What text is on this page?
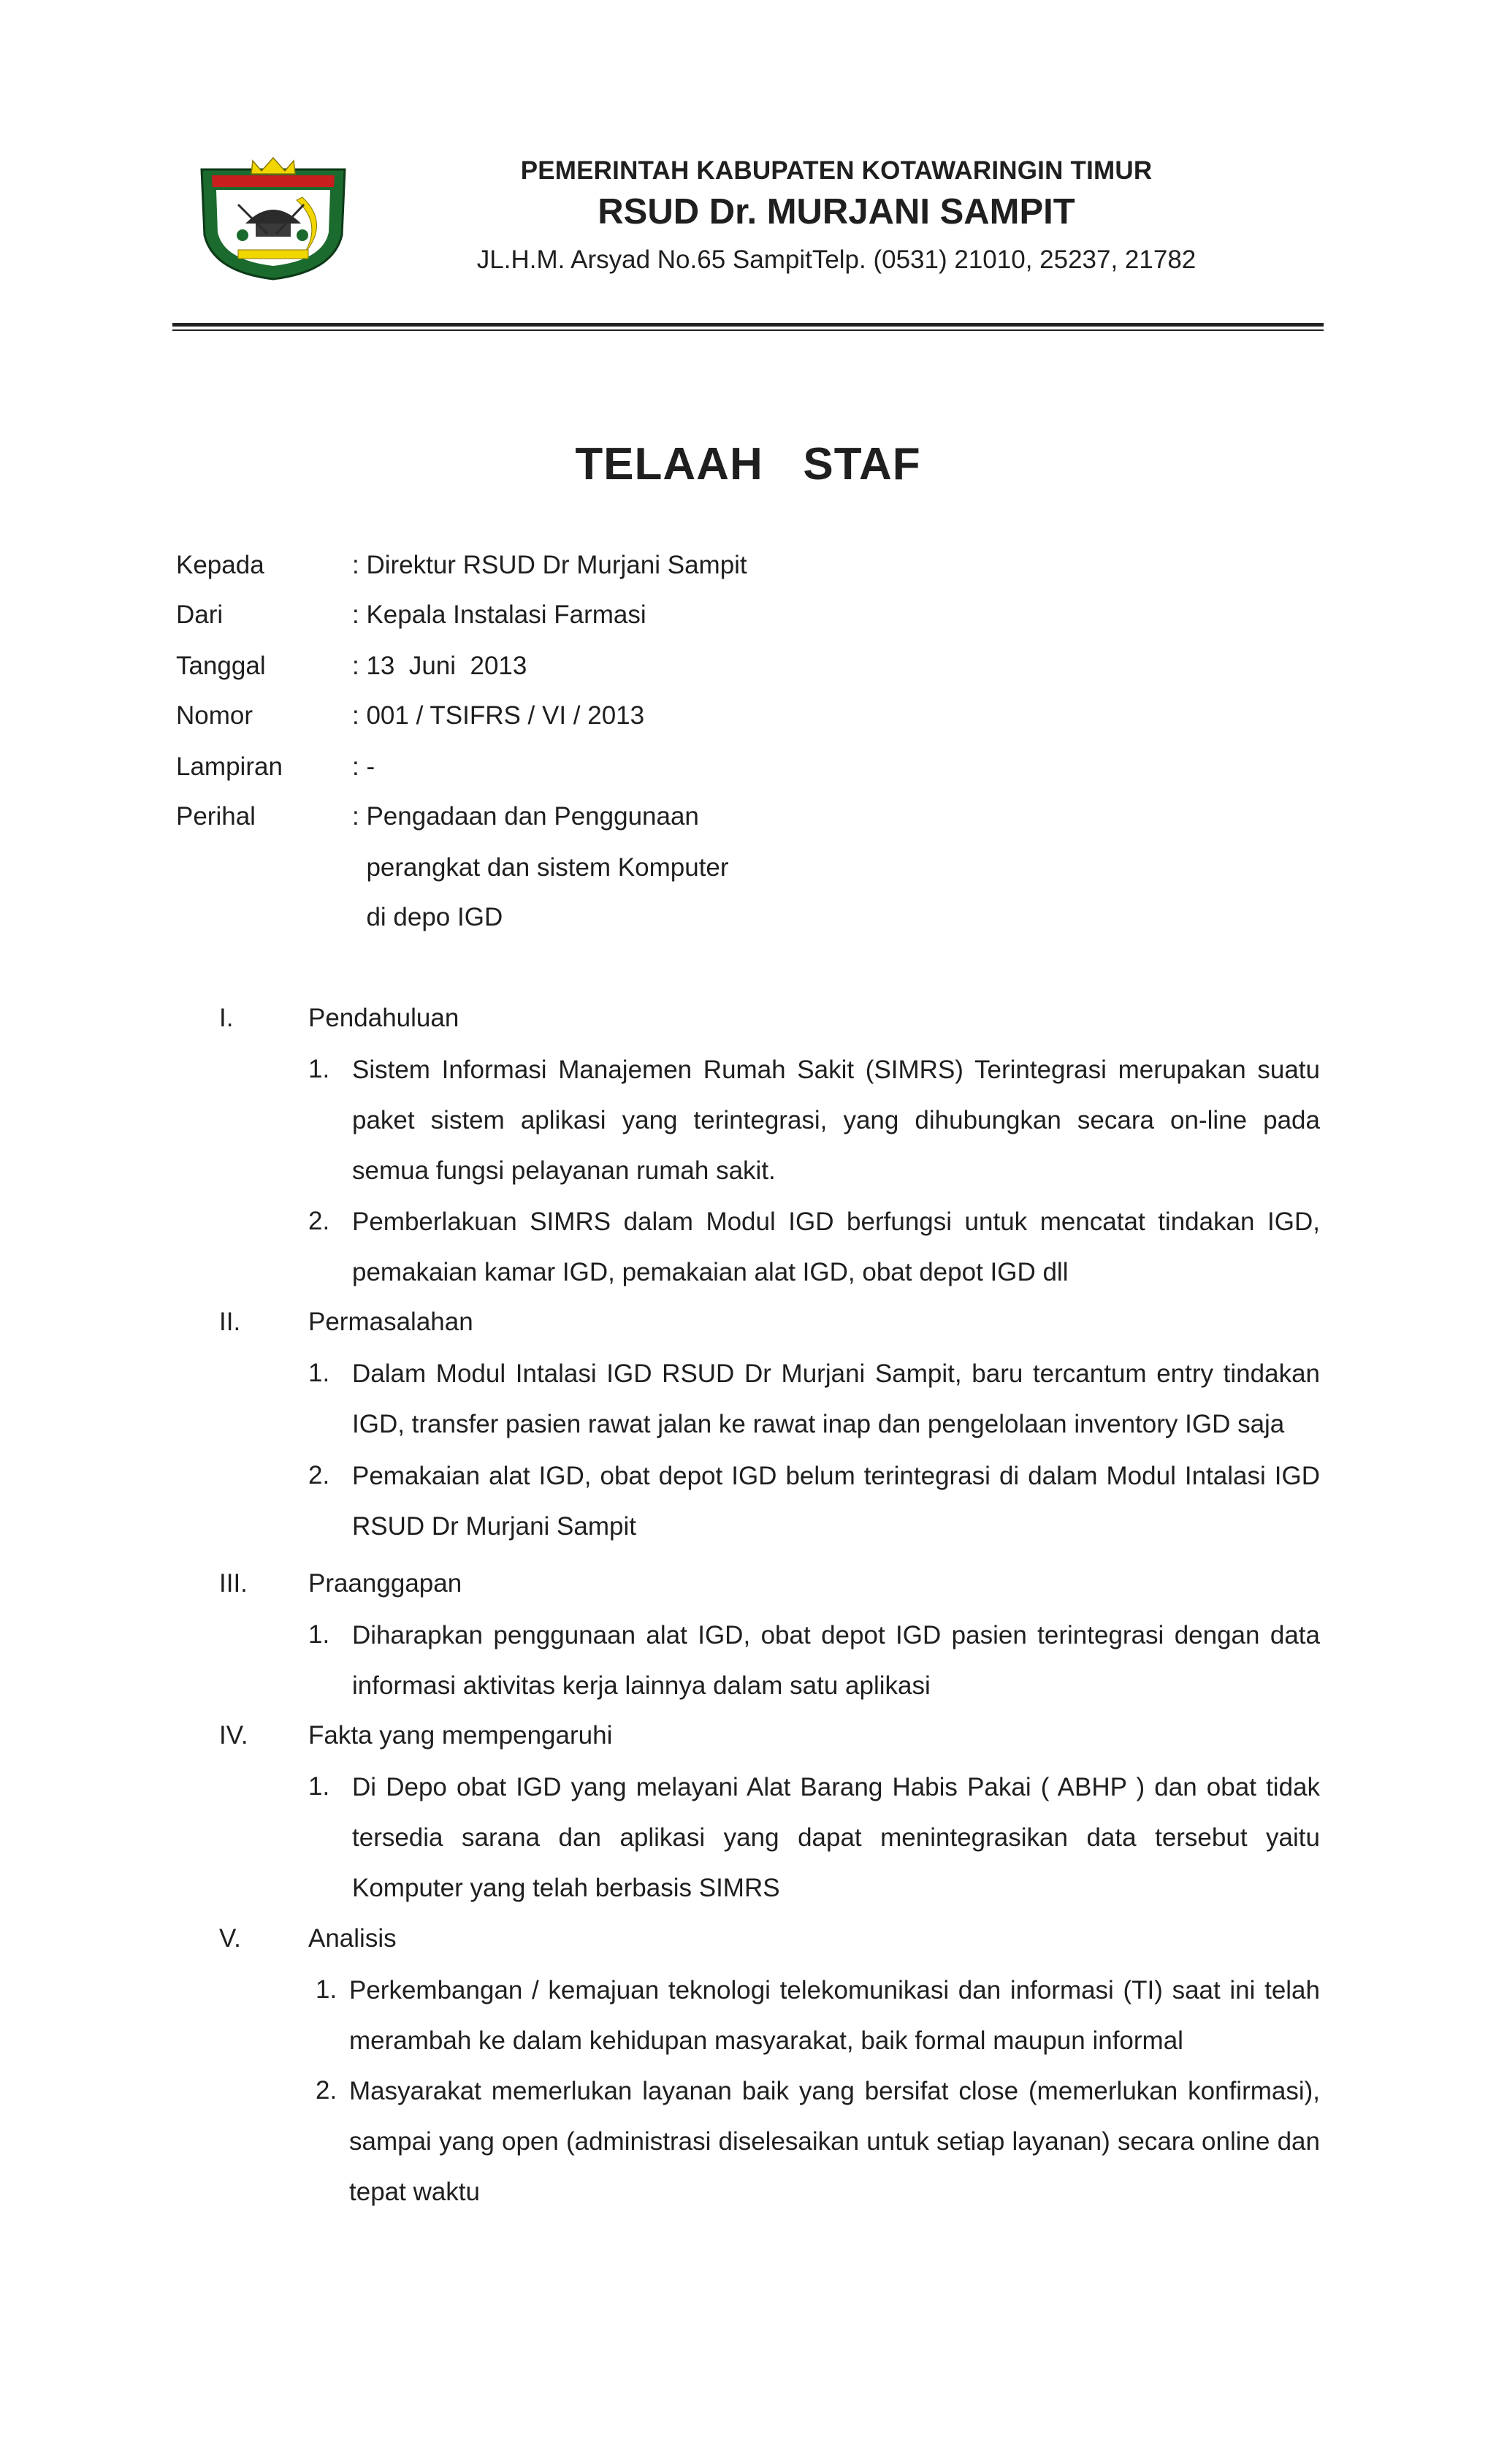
PEMERINTAH KABUPATEN KOTAWARINGIN TIMUR
RSUD Dr. MURJANI SAMPIT
JL.H.M. Arsyad No.65 SampitTelp. (0531) 21010, 25237, 21782
TELAAH   STAF
Kepada	: Direktur RSUD Dr Murjani Sampit
Dari	: Kepala Instalasi Farmasi
Tanggal	: 13  Juni  2013
Nomor	: 001 / TSIFRS / VI / 2013
Lampiran	: -
Perihal	: Pengadaan dan Penggunaan
perangkat dan sistem Komputer
di depo IGD
I.	Pendahuluan
1. Sistem Informasi Manajemen Rumah Sakit (SIMRS) Terintegrasi merupakan suatu paket sistem aplikasi yang terintegrasi, yang dihubungkan secara on-line pada semua fungsi pelayanan rumah sakit.
2. Pemberlakuan SIMRS dalam Modul IGD berfungsi untuk mencatat tindakan IGD, pemakaian kamar IGD, pemakaian alat IGD, obat depot IGD dll
II.	Permasalahan
1. Dalam Modul Intalasi IGD RSUD Dr Murjani Sampit, baru tercantum entry tindakan IGD, transfer pasien rawat jalan ke rawat inap dan pengelolaan inventory IGD saja
2. Pemakaian alat IGD, obat depot IGD belum terintegrasi di dalam Modul Intalasi IGD RSUD Dr Murjani Sampit
III. Praanggapan
1. Diharapkan penggunaan alat IGD, obat depot IGD pasien terintegrasi dengan data informasi aktivitas kerja lainnya dalam satu aplikasi
IV. Fakta yang mempengaruhi
1. Di Depo obat IGD yang melayani Alat Barang Habis Pakai ( ABHP ) dan obat tidak tersedia sarana dan aplikasi yang dapat menintegrasikan data tersebut yaitu Komputer yang telah berbasis SIMRS
V.	Analisis
1. Perkembangan / kemajuan teknologi telekomunikasi dan informasi (TI) saat ini telah merambah ke dalam kehidupan masyarakat, baik formal maupun informal
2. Masyarakat memerlukan layanan baik yang bersifat close (memerlukan konfirmasi), sampai yang open (administrasi diselesaikan untuk setiap layanan) secara online dan tepat waktu
